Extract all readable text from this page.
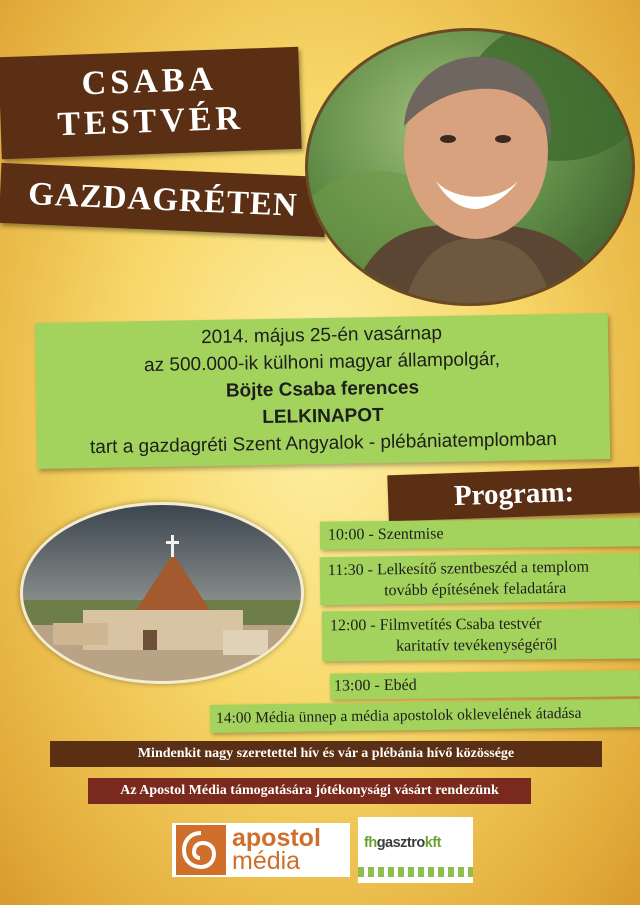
CSABA
TESTVÉR
GAZDAGRÉTEN
2014. május 25-én vasárnap
az 500.000-ik külhoni magyar állampolgár,
Böjte Csaba ferences
LELKINAPOT
tart a gazdagréti Szent Angyalok - plébániatemplomban
Program:
10:00 - Szentmise
11:30 - Lelkesítő szentbeszéd a templom
tovább építésének feladatára
12:00 - Filmvetítés Csaba testvér
karitatív tevékenységéről
13:00 - Ebéd
14:00 Média ünnep a média apostolok oklevelének átadása
Mindenkit nagy szeretettel hív és vár a plébánia hívő közössége
Az Apostol Média támogatására jótékonysági vásárt rendezünk
apostol
média
fhgasztrokft
